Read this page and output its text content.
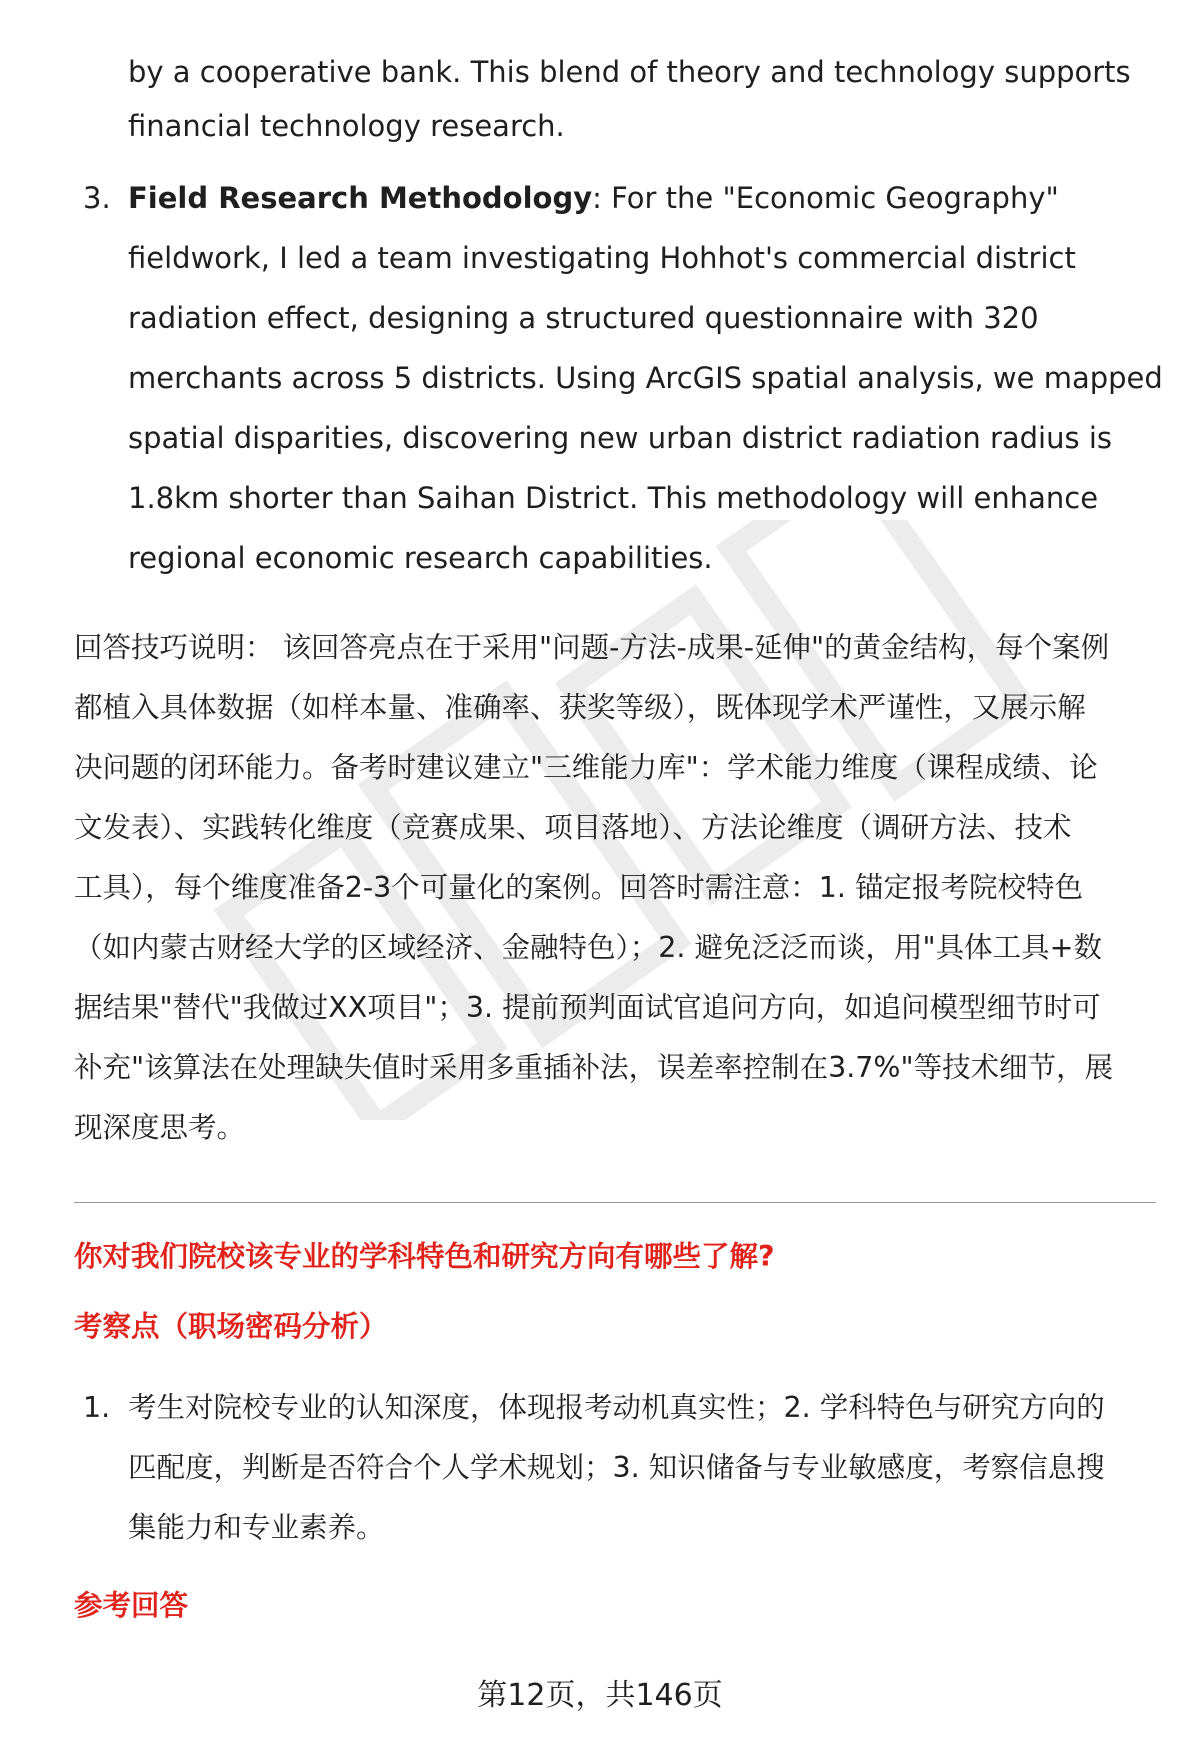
by a cooperative bank. This blend of theory and technology supports
financial technology research.
3. Field Research Methodology: For the "Economic Geography"
fieldwork, I led a team investigating Hohhot's commercial district
radiation effect, designing a structured questionnaire with 320
merchants across 5 districts. Using ArcGIS spatial analysis, we mapped
spatial disparities, discovering new urban district radiation radius is
1.8km shorter than Saihan District. This methodology will enhance
regional economic research capabilities.
回答技巧说明： 该回答亮点在于采用"问题-方法-成果-延伸"的黄金结构，每个案例
都植入具体数据（如样本量、准确率、获奖等级），既体现学术严谨性，又展示解
决问题的闭环能力。备考时建议建立"三维能力库"：学术能力维度（课程成绩、论
文发表）、实践转化维度（竞赛成果、项目落地）、方法论维度（调研方法、技术
工具），每个维度准备2-3个可量化的案例。回答时需注意：1. 锚定报考院校特色
（如内蒙古财经大学的区域经济、金融特色）；2. 避免泛泛而谈，用"具体工具+数
据结果"替代"我做过XX项目"；3. 提前预判面试官追问方向，如追问模型细节时可
补充"该算法在处理缺失值时采用多重插补法，误差率控制在3.7%"等技术细节，展
现深度思考。
你对我们院校该专业的学科特色和研究方向有哪些了解?
考察点（职场密码分析）
1. 考生对院校专业的认知深度，体现报考动机真实性；2. 学科特色与研究方向的
匹配度，判断是否符合个人学术规划；3. 知识储备与专业敏感度，考察信息搜
集能力和专业素养。
参考回答
第12页，共146页
